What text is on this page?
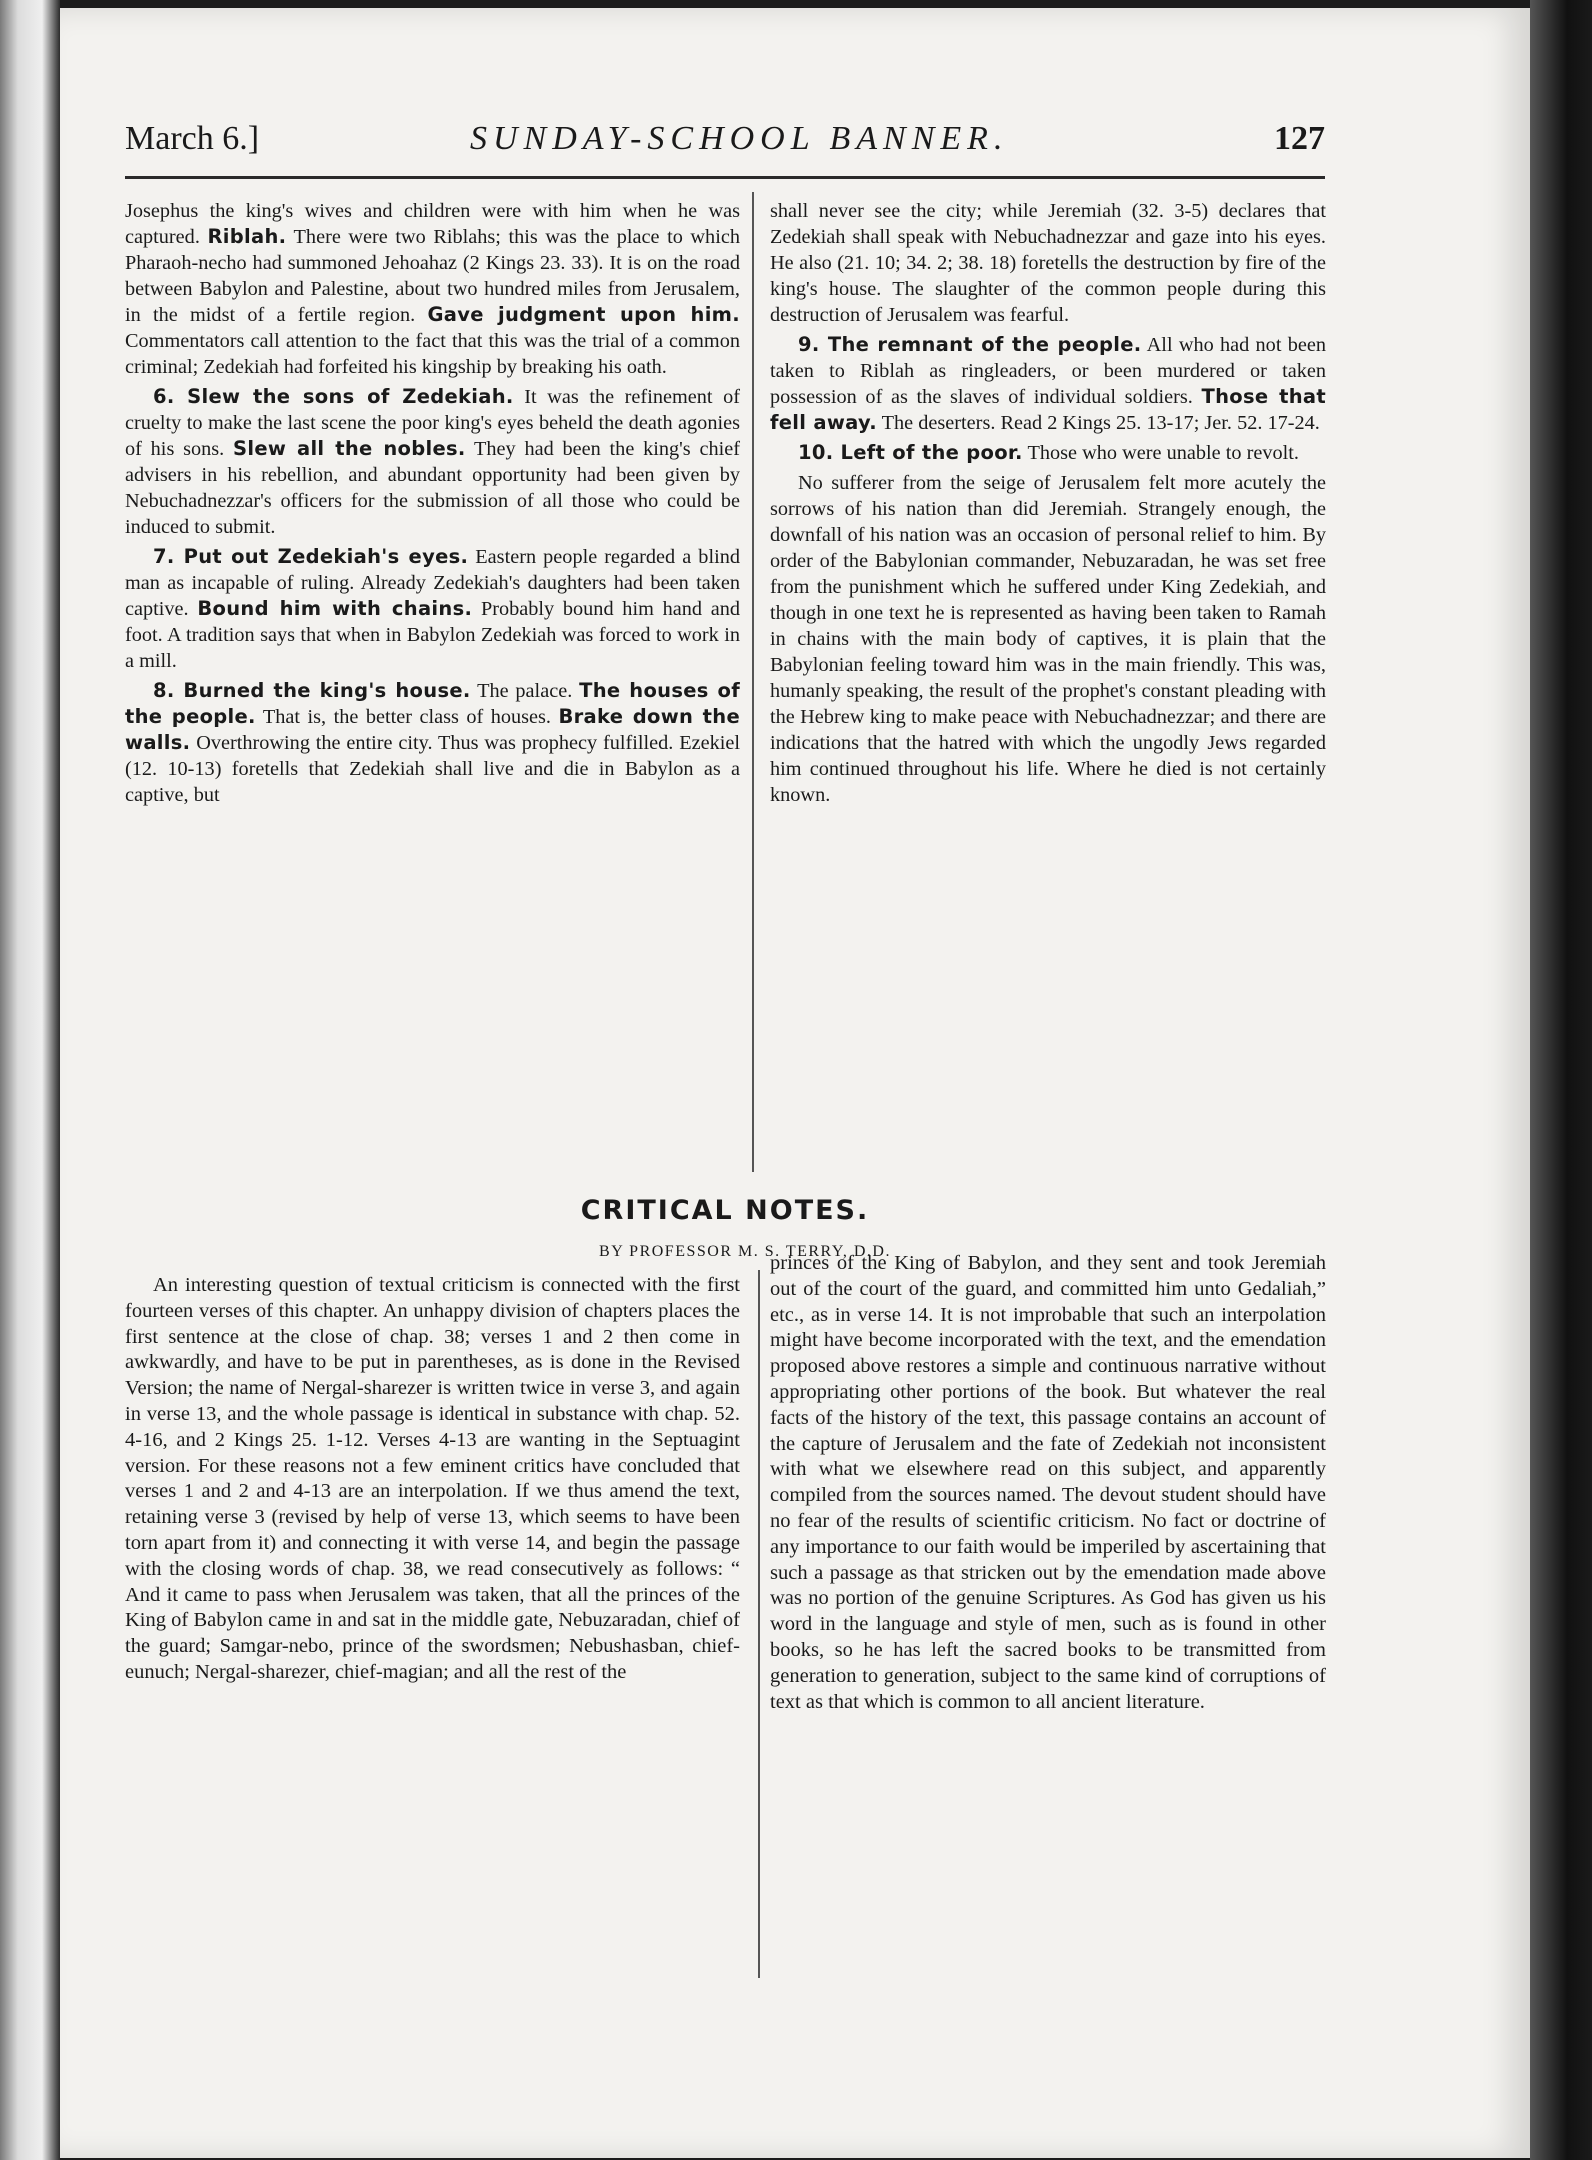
March 6.]	SUNDAY-SCHOOL BANNER.	127

Josephus the king's wives and children were with him when he was captured. Riblah. There were two Riblahs; this was the place to which Pharaoh-necho had summoned Jehoahaz (2 Kings 23. 33). It is on the road between Babylon and Palestine, about two hundred miles from Jerusalem, in the midst of a fertile region. Gave judgment upon him. Commentators call attention to the fact that this was the trial of a common criminal; Zedekiah had forfeited his kingship by breaking his oath.

6. Slew the sons of Zedekiah. It was the refinement of cruelty to make the last scene the poor king's eyes beheld the death agonies of his sons. Slew all the nobles. They had been the king's chief advisers in his rebellion, and abundant opportunity had been given by Nebuchadnezzar's officers for the submission of all those who could be induced to submit.

7. Put out Zedekiah's eyes. Eastern people regarded a blind man as incapable of ruling. Already Zedekiah's daughters had been taken captive. Bound him with chains. Probably bound him hand and foot. A tradition says that when in Babylon Zedekiah was forced to work in a mill.

8. Burned the king's house. The palace. The houses of the people. That is, the better class of houses. Brake down the walls. Overthrowing the entire city. Thus was prophecy fulfilled. Ezekiel (12. 10-13) foretells that Zedekiah shall live and die in Babylon as a captive, but

shall never see the city; while Jeremiah (32. 3-5) declares that Zedekiah shall speak with Nebuchadnezzar and gaze into his eyes. He also (21. 10; 34. 2; 38. 18) foretells the destruction by fire of the king's house. The slaughter of the common people during this destruction of Jerusalem was fearful.

9. The remnant of the people. All who had not been taken to Riblah as ringleaders, or been murdered or taken possession of as the slaves of individual soldiers. Those that fell away. The deserters. Read 2 Kings 25. 13-17; Jer. 52. 17-24.

10. Left of the poor. Those who were unable to revolt.

No sufferer from the seige of Jerusalem felt more acutely the sorrows of his nation than did Jeremiah. Strangely enough, the downfall of his nation was an occasion of personal relief to him. By order of the Babylonian commander, Nebuzaradan, he was set free from the punishment which he suffered under King Zedekiah, and though in one text he is represented as having been taken to Ramah in chains with the main body of captives, it is plain that the Babylonian feeling toward him was in the main friendly. This was, humanly speaking, the result of the prophet's constant pleading with the Hebrew king to make peace with Nebuchadnezzar; and there are indications that the hatred with which the ungodly Jews regarded him continued throughout his life. Where he died is not certainly known.

CRITICAL NOTES.
BY PROFESSOR M. S. TERRY, D.D.

An interesting question of textual criticism is connected with the first fourteen verses of this chapter. An unhappy division of chapters places the first sentence at the close of chap. 38; verses 1 and 2 then come in awkwardly, and have to be put in parentheses, as is done in the Revised Version; the name of Nergal-sharezer is written twice in verse 3, and again in verse 13, and the whole passage is identical in substance with chap. 52. 4-16, and 2 Kings 25. 1-12. Verses 4-13 are wanting in the Septuagint version. For these reasons not a few eminent critics have concluded that verses 1 and 2 and 4-13 are an interpolation. If we thus amend the text, retaining verse 3 (revised by help of verse 13, which seems to have been torn apart from it) and connecting it with verse 14, and begin the passage with the closing words of chap. 38, we read consecutively as follows: “ And it came to pass when Jerusalem was taken, that all the princes of the King of Babylon came in and sat in the middle gate, Nebuzaradan, chief of the guard; Samgar-nebo, prince of the swordsmen; Nebushasban, chief-eunuch; Nergal-sharezer, chief-magian; and all the rest of the

princes of the King of Babylon, and they sent and took Jeremiah out of the court of the guard, and committed him unto Gedaliah,” etc., as in verse 14. It is not improbable that such an interpolation might have become incorporated with the text, and the emendation proposed above restores a simple and continuous narrative without appropriating other portions of the book. But whatever the real facts of the history of the text, this passage contains an account of the capture of Jerusalem and the fate of Zedekiah not inconsistent with what we elsewhere read on this subject, and apparently compiled from the sources named. The devout student should have no fear of the results of scientific criticism. No fact or doctrine of any importance to our faith would be imperiled by ascertaining that such a passage as that stricken out by the emendation made above was no portion of the genuine Scriptures. As God has given us his word in the language and style of men, such as is found in other books, so he has left the sacred books to be transmitted from generation to generation, subject to the same kind of corruptions of text as that which is common to all ancient literature.
